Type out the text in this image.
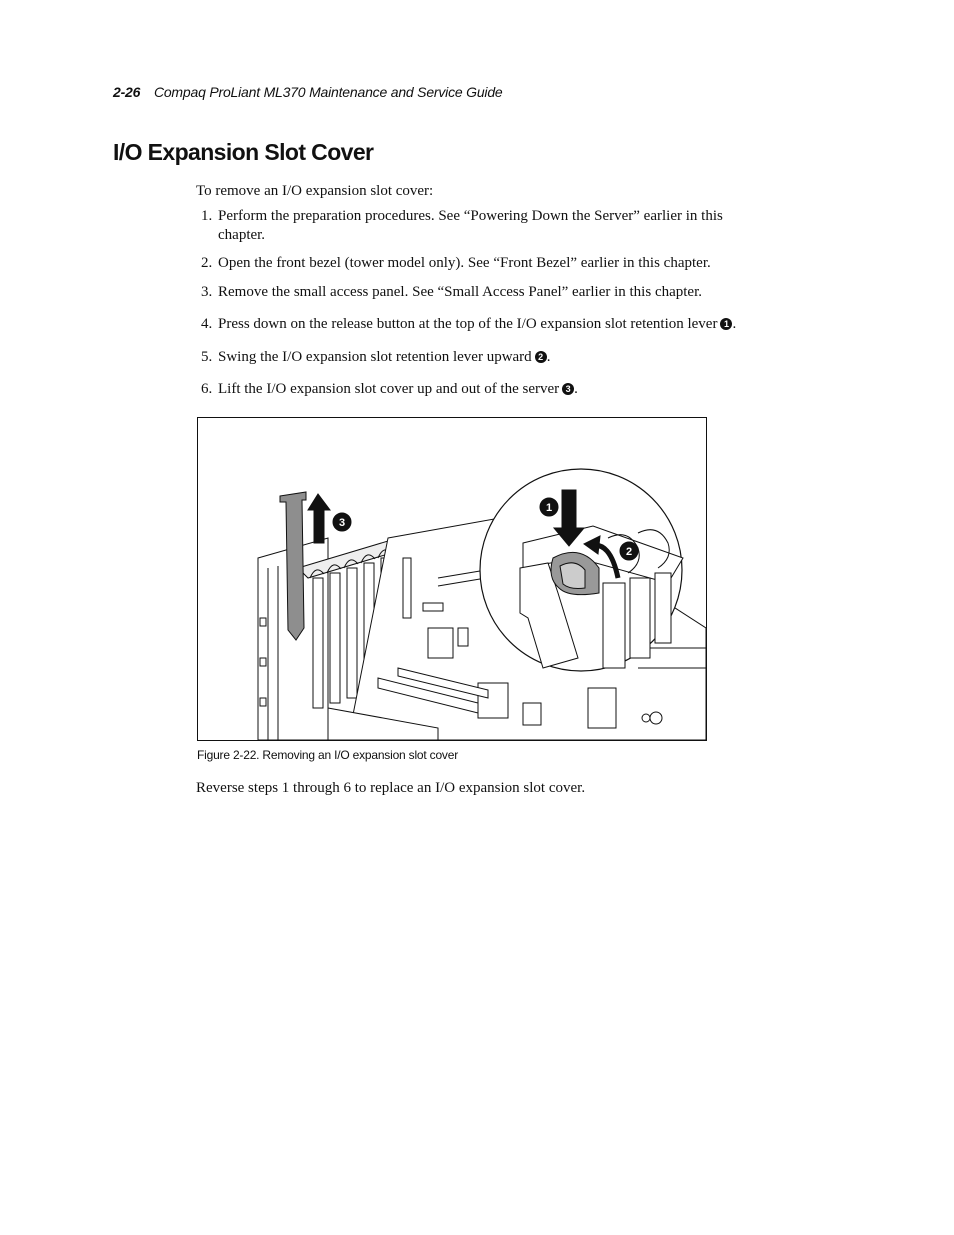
2-26 Compaq ProLiant ML370 Maintenance and Service Guide
I/O Expansion Slot Cover
To remove an I/O expansion slot cover:
1. Perform the preparation procedures. See “Powering Down the Server” earlier in this chapter.
2. Open the front bezel (tower model only). See “Front Bezel” earlier in this chapter.
3. Remove the small access panel. See “Small Access Panel” earlier in this chapter.
4. Press down on the release button at the top of the I/O expansion slot retention lever 1 .
5. Swing the I/O expansion slot retention lever upward 2 .
6. Lift the I/O expansion slot cover up and out of the server 3 .
3
1
2
Figure 2-22. Removing an I/O expansion slot cover
Reverse steps 1 through 6 to replace an I/O expansion slot cover.
